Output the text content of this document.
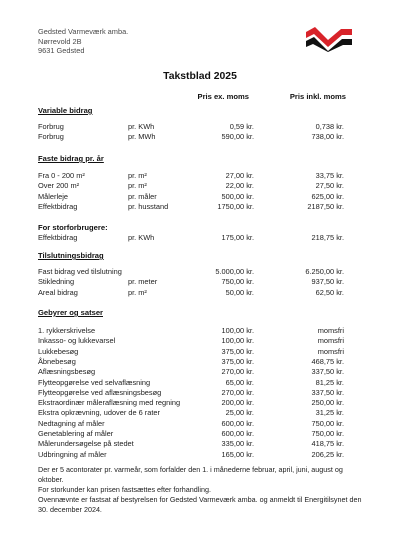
Gedsted Varmeværk amba.
Nørrevold 2B
9631 Gedsted
Takstblad 2025
Pris ex. moms	Pris inkl. moms
Variable bidrag
Forbrug	pr. KWh	0,59 kr.	0,738 kr.
Forbrug	pr. MWh	590,00 kr.	738,00 kr.
Faste bidrag pr. år
Fra 0 - 200 m²	pr. m²	27,00 kr.	33,75 kr.
Over 200 m²	pr. m²	22,00 kr.	27,50 kr.
Målerleje	pr. måler	500,00 kr.	625,00 kr.
Effektbidrag	pr. husstand	1750,00 kr.	2187,50 kr.
For storforbrugere:
Effektbidrag	pr. KWh	175,00 kr.	218,75 kr.
Tilslutningsbidrag
Fast bidrag ved tilslutning	5.000,00 kr.	6.250,00 kr.
Stikledning	pr. meter	750,00 kr.	937,50 kr.
Areal bidrag	pr. m²	50,00 kr.	62,50 kr.
Gebyrer og satser
1. rykkerskrivelse	100,00 kr.	momsfri
Inkasso- og lukkevarsel	100,00 kr.	momsfri
Lukkebesøg	375,00 kr.	momsfri
Åbnebesøg	375,00 kr.	468,75 kr.
Aflæsningsbesøg	270,00 kr.	337,50 kr.
Flytteopgørelse ved selvaflæsning	65,00 kr.	81,25 kr.
Flytteopgørelse ved aflæsningsbesøg	270,00 kr.	337,50 kr.
Ekstraordinær måleraflæsning med regning	200,00 kr.	250,00 kr.
Ekstra opkrævning, udover de 6 rater	25,00 kr.	31,25 kr.
Nedtagning af måler	600,00 kr.	750,00 kr.
Genetablering af måler	600,00 kr.	750,00 kr.
Målerundersøgelse på stedet	335,00 kr.	418,75 kr.
Udbringning af måler	165,00 kr.	206,25 kr.

Der er 5 acontorater pr. varmeår, som forfalder den 1. i månederne februar, april, juni, august og oktober.

For storkunder kan prisen fastsættes efter forhandling.

Ovennævnte er fastsat af bestyrelsen for Gedsted Varmeværk amba. og anmeldt til Energitilsynet den 30. december 2024.
